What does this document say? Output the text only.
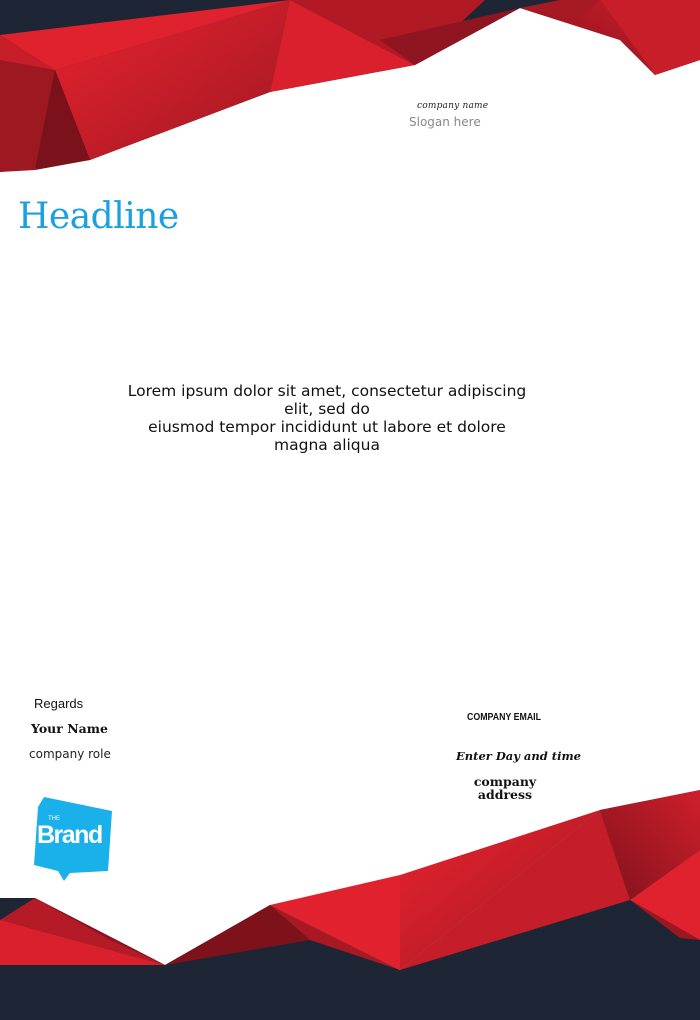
company name
Slogan here
Headline
Lorem ipsum dolor sit amet, consectetur adipiscing
elit, sed do
eiusmod tempor incididunt ut labore et dolore
magna aliqua
Regards
Your Name
company role
COMPANY EMAIL
Enter Day and time
company
address
THE
Brand
